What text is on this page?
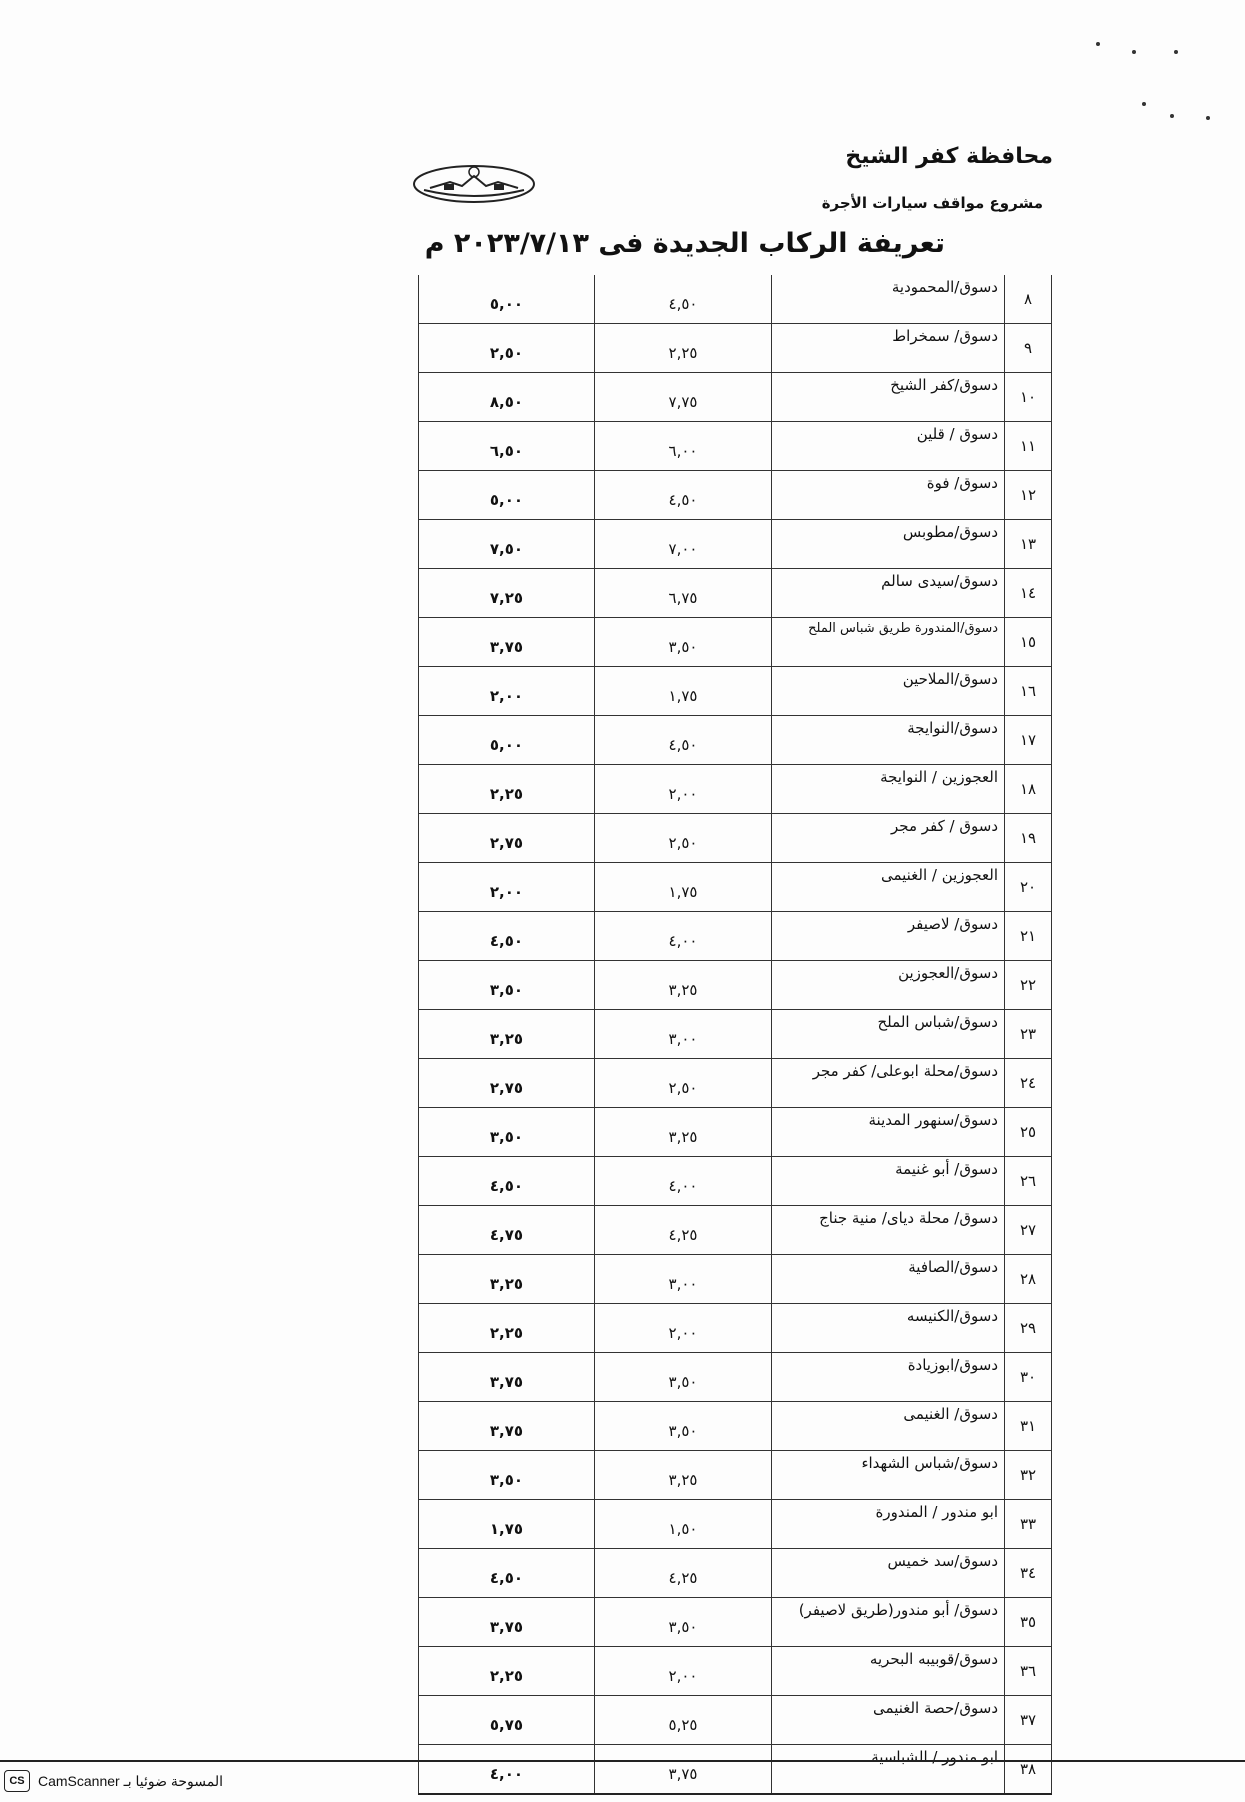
محافظة كفر الشيخ
مشروع مواقف سيارات الأجرة
تعريفة الركاب الجديدة فى ٢٠٢٣/٧/١٣ م
٨	دسوق/المحمودية	٤,٥٠	٥,٠٠
٩	دسوق/ سمخراط	٢,٢٥	٢,٥٠
١٠	دسوق/كفر الشيخ	٧,٧٥	٨,٥٠
١١	دسوق / قلين	٦,٠٠	٦,٥٠
١٢	دسوق/ فوة	٤,٥٠	٥,٠٠
١٣	دسوق/مطوبس	٧,٠٠	٧,٥٠
١٤	دسوق/سيدى سالم	٦,٧٥	٧,٢٥
١٥	دسوق/المندورة طريق شباس الملح	٣,٥٠	٣,٧٥
١٦	دسوق/الملاحين	١,٧٥	٢,٠٠
١٧	دسوق/النوايجة	٤,٥٠	٥,٠٠
١٨	العجوزين / النوايجة	٢,٠٠	٢,٢٥
١٩	دسوق / كفر مجر	٢,٥٠	٢,٧٥
٢٠	العجوزين / الغنيمى	١,٧٥	٢,٠٠
٢١	دسوق/ لاصيفر	٤,٠٠	٤,٥٠
٢٢	دسوق/العجوزين	٣,٢٥	٣,٥٠
٢٣	دسوق/شباس الملح	٣,٠٠	٣,٢٥
٢٤	دسوق/محلة ابوعلى/ كفر مجر	٢,٥٠	٢,٧٥
٢٥	دسوق/سنهور المدينة	٣,٢٥	٣,٥٠
٢٦	دسوق/ أبو غنيمة	٤,٠٠	٤,٥٠
٢٧	دسوق/ محلة دياى/ منية جناج	٤,٢٥	٤,٧٥
٢٨	دسوق/الصافية	٣,٠٠	٣,٢٥
٢٩	دسوق/الكنيسه	٢,٠٠	٢,٢٥
٣٠	دسوق/ابوزيادة	٣,٥٠	٣,٧٥
٣١	دسوق/ الغنيمى	٣,٥٠	٣,٧٥
٣٢	دسوق/شباس الشهداء	٣,٢٥	٣,٥٠
٣٣	ابو مندور / المندورة	١,٥٠	١,٧٥
٣٤	دسوق/سد خميس	٤,٢٥	٤,٥٠
٣٥	دسوق/ أبو مندور(طريق لاصيفر)	٣,٥٠	٣,٧٥
٣٦	دسوق/قوبيبه البحريه	٢,٠٠	٢,٢٥
٣٧	دسوق/حصة الغنيمى	٥,٢٥	٥,٧٥
٣٨	ابو مندور / الشباسية	٣,٧٥	٤,٠٠
CS CamScanner المسوحة ضوئيا بـ
